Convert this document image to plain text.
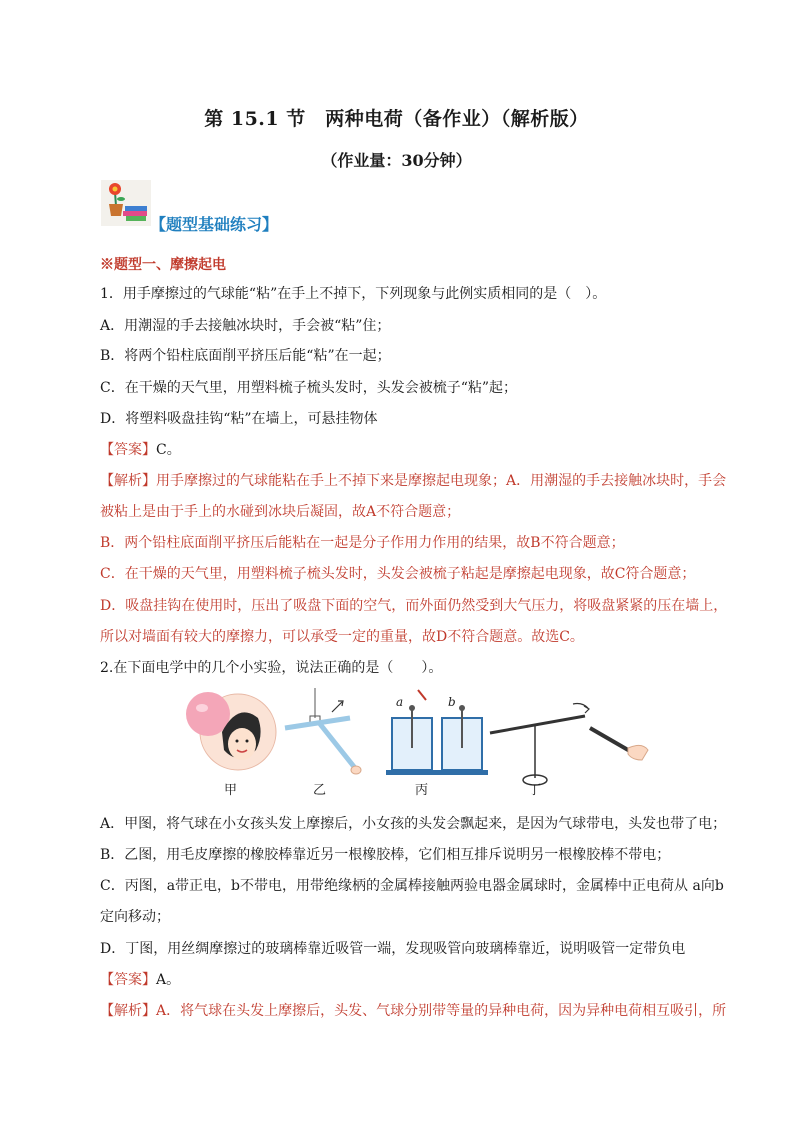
第 15.1 节　两种电荷（备作业）（解析版）
（作业量：30分钟）
【题型基础练习】
※题型一、摩擦起电
1．用手摩擦过的气球能“粘”在手上不掉下，下列现象与此例实质相同的是（　）。
A．用潮湿的手去接触冰块时，手会被“粘”住；
B．将两个铅柱底面削平挤压后能“粘”在一起；
C．在干燥的天气里，用塑料梳子梳头发时，头发会被梳子“粘”起；
D．将塑料吸盘挂钩“粘”在墙上，可悬挂物体
【答案】C。
【解析】用手摩擦过的气球能粘在手上不掉下来是摩擦起电现象；A．用潮湿的手去接触冰块时，手会
被粘上是由于手上的水碰到冰块后凝固，故A不符合题意；
B．两个铅柱底面削平挤压后能粘在一起是分子作用力作用的结果，故B不符合题意；
C．在干燥的天气里，用塑料梳子梳头发时，头发会被梳子粘起是摩擦起电现象，故C符合题意；
D．吸盘挂钩在使用时，压出了吸盘下面的空气，而外面仍然受到大气压力，将吸盘紧紧的压在墙上，
所以对墙面有较大的摩擦力，可以承受一定的重量，故D不符合题意。故选C。
2.在下面电学中的几个小实验，说法正确的是（　　）。
a	b
甲	乙	丙	丁
A．甲图，将气球在小女孩头发上摩擦后，小女孩的头发会飘起来，是因为气球带电，头发也带了电；
B．乙图，用毛皮摩擦的橡胶棒靠近另一根橡胶棒，它们相互排斥说明另一根橡胶棒不带电；
C．丙图，a带正电，b不带电，用带绝缘柄的金属棒接触两验电器金属球时，金属棒中正电荷从 a向b
定向移动；
D．丁图，用丝绸摩擦过的玻璃棒靠近吸管一端，发现吸管向玻璃棒靠近，说明吸管一定带负电
【答案】A。
【解析】A．将气球在头发上摩擦后，头发、气球分别带等量的异种电荷，因为异种电荷相互吸引，所
